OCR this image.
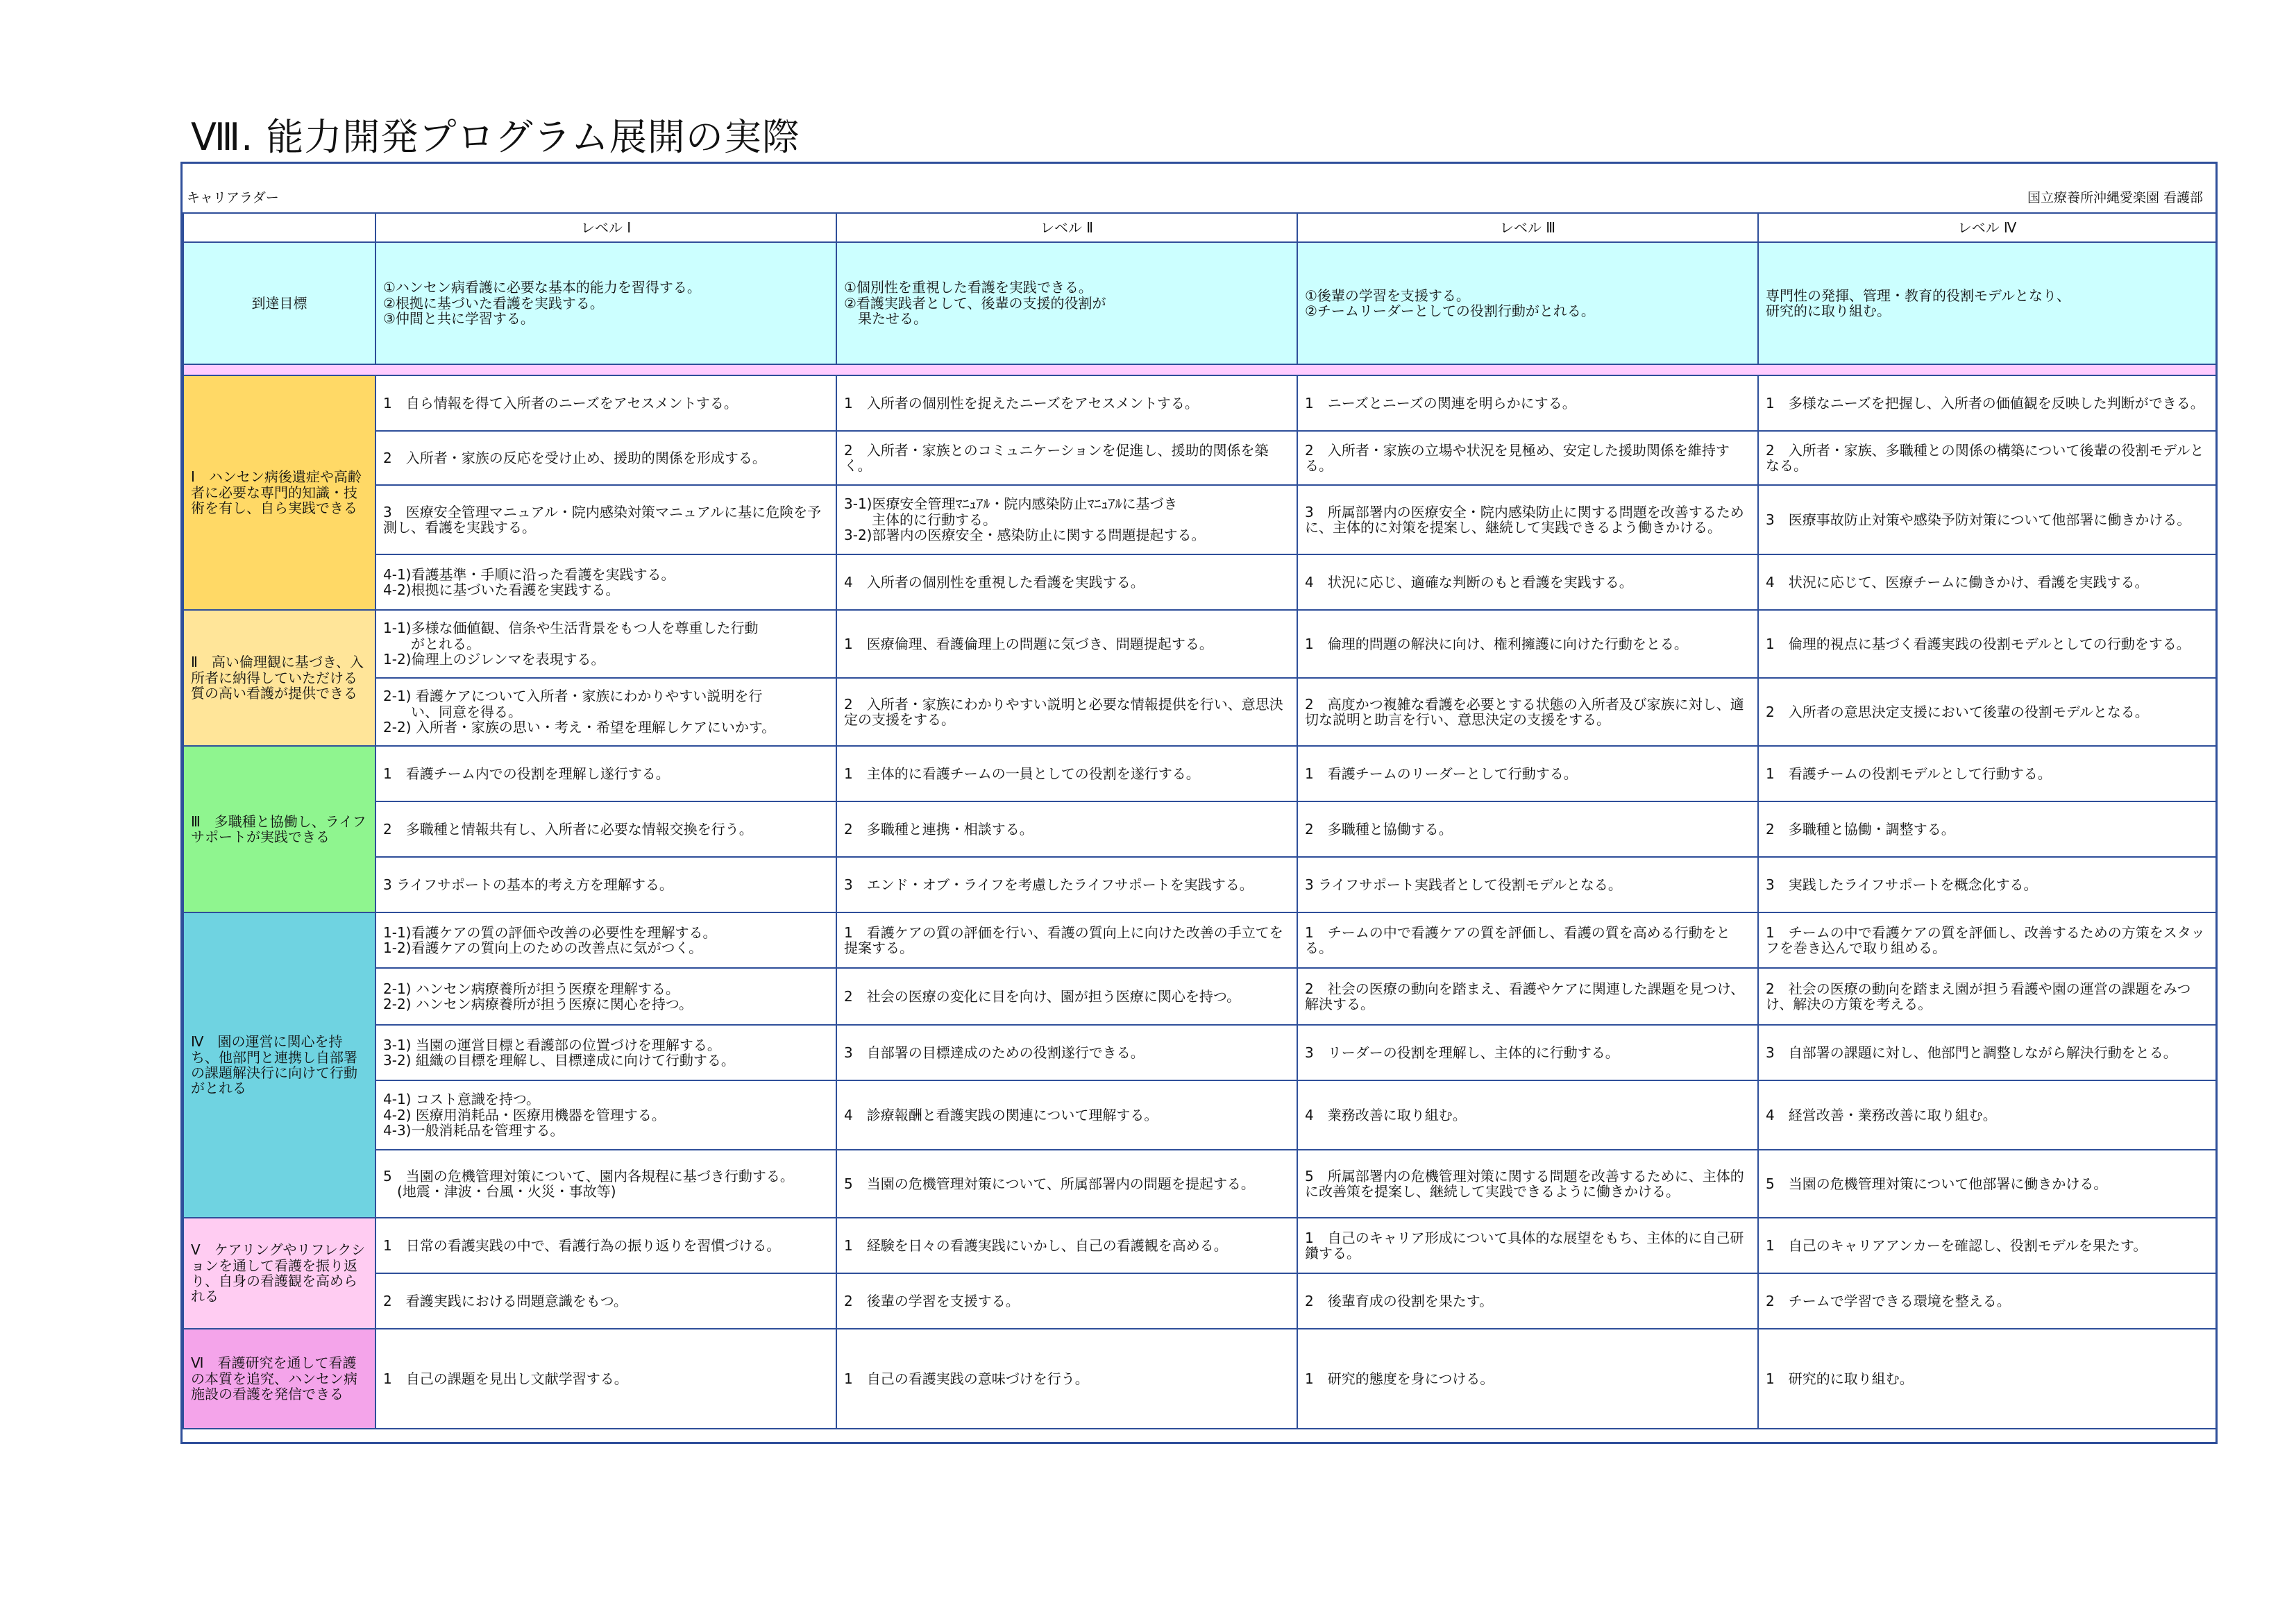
Ⅷ. 能力開発プログラム展開の実際
キャリアラダー	国立療養所沖縄愛楽園 看護部
	レベル Ⅰ	レベル Ⅱ	レベル Ⅲ	レベル Ⅳ
到達目標	①ハンセン病看護に必要な基本的能力を習得する。
②根拠に基づいた看護を実践する。
③仲間と共に学習する。	①個別性を重視した看護を実践できる。
②看護実践者として、後輩の支援的役割が
　果たせる。	①後輩の学習を支援する。
②チームリーダーとしての役割行動がとれる。	専門性の発揮、管理・教育的役割モデルとなり、
研究的に取り組む。

Ⅰ　ハンセン病後遺症や高齢者に必要な専門的知識・技術を有し、自ら実践できる	1　自ら情報を得て入所者のニーズをアセスメントする。	1　入所者の個別性を捉えたニーズをアセスメントする。	1　ニーズとニーズの関連を明らかにする。	1　多様なニーズを把握し、入所者の価値観を反映した判断ができる。
	2　入所者・家族の反応を受け止め、援助的関係を形成する。	2　入所者・家族とのコミュニケーションを促進し、援助的関係を築く。	2　入所者・家族の立場や状況を見極め、安定した援助関係を維持する。	2　入所者・家族、多職種との関係の構築について後輩の役割モデルとなる。
	3　医療安全管理マニュアル・院内感染対策マニュアルに基に危険を予測し、看護を実践する。	3-1)医療安全管理ﾏﾆｭｱﾙ・院内感染防止ﾏﾆｭｱﾙに基づき
　　主体的に行動する。
3-2)部署内の医療安全・感染防止に関する問題提起する。	3　所属部署内の医療安全・院内感染防止に関する問題を改善するために、主体的に対策を提案し、継続して実践できるよう働きかける。	3　医療事故防止対策や感染予防対策について他部署に働きかける。
	4-1)看護基準・手順に沿った看護を実践する。
4-2)根拠に基づいた看護を実践する。	4　入所者の個別性を重視した看護を実践する。	4　状況に応じ、適確な判断のもと看護を実践する。	4　状況に応じて、医療チームに働きかけ、看護を実践する。
Ⅱ　高い倫理観に基づき、入所者に納得していただける質の高い看護が提供できる	1-1)多様な価値観、信条や生活背景をもつ人を尊重した行動
　　がとれる。
1-2)倫理上のジレンマを表現する。	1　医療倫理、看護倫理上の問題に気づき、問題提起する。	1　倫理的問題の解決に向け、権利擁護に向けた行動をとる。	1　倫理的視点に基づく看護実践の役割モデルとしての行動をする。
	2-1) 看護ケアについて入所者・家族にわかりやすい説明を行
　　い、同意を得る。
2-2) 入所者・家族の思い・考え・希望を理解しケアにいかす。	2　入所者・家族にわかりやすい説明と必要な情報提供を行い、意思決定の支援をする。	2　高度かつ複雑な看護を必要とする状態の入所者及び家族に対し、適切な説明と助言を行い、意思決定の支援をする。	2　入所者の意思決定支援において後輩の役割モデルとなる。
Ⅲ　多職種と協働し、ライフサポートが実践できる	1　看護チーム内での役割を理解し遂行する。	1　主体的に看護チームの一員としての役割を遂行する。	1　看護チームのリーダーとして行動する。	1　看護チームの役割モデルとして行動する。
	2　多職種と情報共有し、入所者に必要な情報交換を行う。	2　多職種と連携・相談する。	2　多職種と協働する。	2　多職種と協働・調整する。
	3 ライフサポートの基本的考え方を理解する。	3　エンド・オブ・ライフを考慮したライフサポートを実践する。	3 ライフサポート実践者として役割モデルとなる。	3　実践したライフサポートを概念化する。
Ⅳ　園の運営に関心を持ち、他部門と連携し自部署の課題解決行に向けて行動がとれる	1-1)看護ケアの質の評価や改善の必要性を理解する。
1-2)看護ケアの質向上のための改善点に気がつく。	1　看護ケアの質の評価を行い、看護の質向上に向けた改善の手立てを提案する。	1　チームの中で看護ケアの質を評価し、看護の質を高める行動をとる。	1　チームの中で看護ケアの質を評価し、改善するための方策をスタッフを巻き込んで取り組める。
	2-1) ハンセン病療養所が担う医療を理解する。
2-2) ハンセン病療養所が担う医療に関心を持つ。	2　社会の医療の変化に目を向け、園が担う医療に関心を持つ。	2　社会の医療の動向を踏まえ、看護やケアに関連した課題を見つけ、解決する。	2　社会の医療の動向を踏まえ園が担う看護や園の運営の課題をみつけ、解決の方策を考える。
	3-1) 当園の運営目標と看護部の位置づけを理解する。
3-2) 組織の目標を理解し、目標達成に向けて行動する。	3　自部署の目標達成のための役割遂行できる。	3　リーダーの役割を理解し、主体的に行動する。	3　自部署の課題に対し、他部門と調整しながら解決行動をとる。
	4-1) コスト意識を持つ。
4-2) 医療用消耗品・医療用機器を管理する。
4-3)一般消耗品を管理する。	4　診療報酬と看護実践の関連について理解する。	4　業務改善に取り組む。	4　経営改善・業務改善に取り組む。
	5　当園の危機管理対策について、園内各規程に基づき行動する。
　(地震・津波・台風・火災・事故等)	5　当園の危機管理対策について、所属部署内の問題を提起する。	5　所属部署内の危機管理対策に関する問題を改善するために、主体的に改善策を提案し、継続して実践できるように働きかける。	5　当園の危機管理対策について他部署に働きかける。
Ⅴ　ケアリングやリフレクションを通して看護を振り返り、自身の看護観を高められる	1　日常の看護実践の中で、看護行為の振り返りを習慣づける。	1　経験を日々の看護実践にいかし、自己の看護観を高める。	1　自己のキャリア形成について具体的な展望をもち、主体的に自己研鑽する。	1　自己のキャリアアンカーを確認し、役割モデルを果たす。
	2　看護実践における問題意識をもつ。	2　後輩の学習を支援する。	2　後輩育成の役割を果たす。	2　チームで学習できる環境を整える。
Ⅵ　看護研究を通して看護の本質を追究、ハンセン病施設の看護を発信できる	1　自己の課題を見出し文献学習する。	1　自己の看護実践の意味づけを行う。	1　研究的態度を身につける。	1　研究的に取り組む。
